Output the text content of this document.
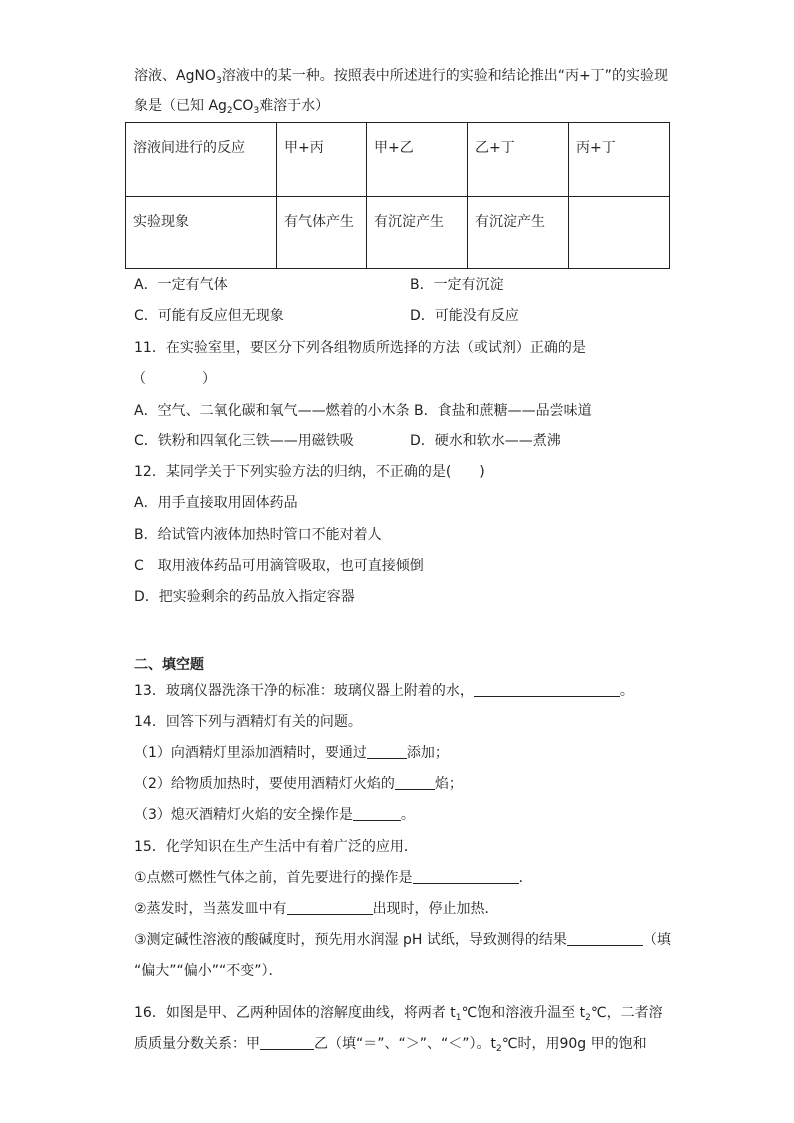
溶液、AgNO$_3$溶液中的某一种。按照表中所述进行的实验和结论推出“丙+丁”的实验现
象是（已知 $Ag_2CO_3$难溶于水）
溶液间进行的反应	甲+丙	甲+乙	乙+丁	丙+丁
实验现象	有气体产生	有沉淀产生	有沉淀产生	
A．一定有气体	B．一定有沉淀
C．可能有反应但无现象	D．可能没有反应
11．在实验室里，要区分下列各组物质所选择的方法（或试剂）正确的是
（　　　　）
A．空气、二氧化碳和氧气——燃着的小木条 B．食盐和蔗糖——品尝味道
C．铁粉和四氧化三铁——用磁铁吸	D．硬水和软水——煮沸
12．某同学关于下列实验方法的归纳，不正确的是(　　)
A．用手直接取用固体药品
B．给试管内液体加热时管口不能对着人
C　取用液体药品可用滴管吸取，也可直接倾倒
D．把实验剩余的药品放入指定容器
二、填空题
13．玻璃仪器洗涤干净的标准：玻璃仪器上附着的水，	。
14．回答下列与酒精灯有关的问题。
（1）向酒精灯里添加酒精时，要通过	添加；
（2）给物质加热时，要使用酒精灯火焰的	焰；
（3）熄灭酒精灯火焰的安全操作是	。
15．化学知识在生产生活中有着广泛的应用．
①点燃可燃性气体之前，首先要进行的操作是	．
②蒸发时，当蒸发皿中有	出现时，停止加热．
③测定碱性溶液的酸碱度时，预先用水润湿 pH 试纸，导致测得的结果	（填
“偏大”“偏小”“不变”）．
16．如图是甲、乙两种固体的溶解度曲线，将两者 $t_1℃$饱和溶液升温至 $t_2℃$，二者溶
质质量分数关系：甲	乙（填“＝”、“＞”、“＜”）。$t_2℃$时，用90g 甲的饱和
